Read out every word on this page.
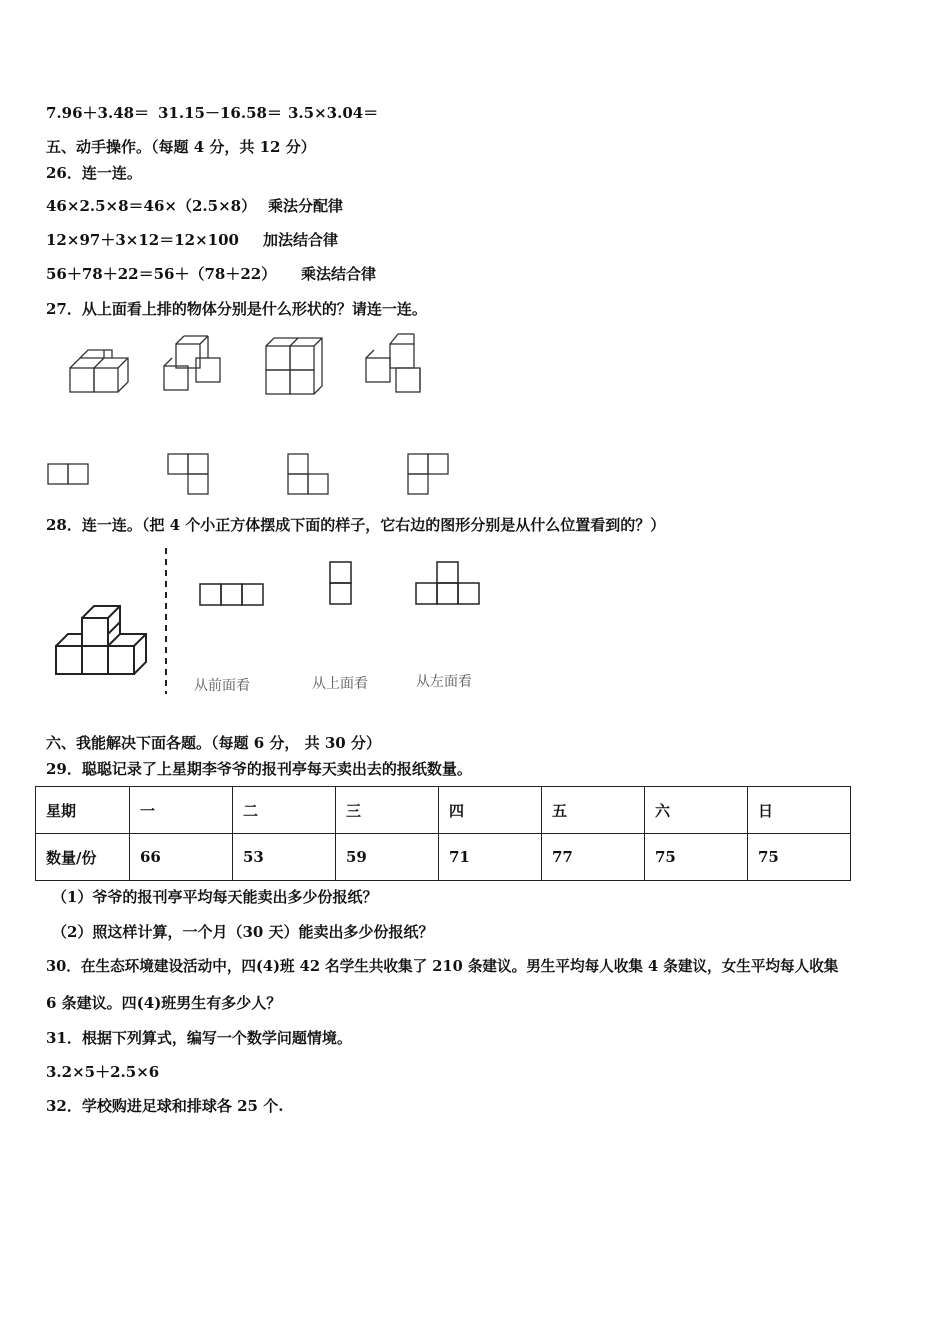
7.96＋3.48＝ 31.15－16.58＝ 3.5×3.04＝
五、动手操作。（每题 4 分，共 12 分）
26．连一连。
46×2.5×8＝46×（2.5×8） 乘法分配律
12×97＋3×12＝12×100 加法结合律
56＋78＋22＝56＋（78＋22） 乘法结合律
27．从上面看上排的物体分别是什么形状的？请连一连。
28．连一连。（把 4 个小正方体摆成下面的样子，它右边的图形分别是从什么位置看到的？）
从前面看	从上面看	从左面看
六、我能解决下面各题。（每题 6 分， 共 30 分）
29．聪聪记录了上星期李爷爷的报刊亭每天卖出去的报纸数量。
星期	一	二	三	四	五	六	日
数量/份	66	53	59	71	77	75	75
（1）爷爷的报刊亭平均每天能卖出多少份报纸？
（2）照这样计算，一个月（30 天）能卖出多少份报纸？
30．在生态环境建设活动中，四(4)班 42 名学生共收集了 210 条建议。男生平均每人收集 4 条建议，女生平均每人收集
6 条建议。四(4)班男生有多少人？
31．根据下列算式，编写一个数学问题情境。
3.2×5＋2.5×6
32．学校购进足球和排球各 25 个.
